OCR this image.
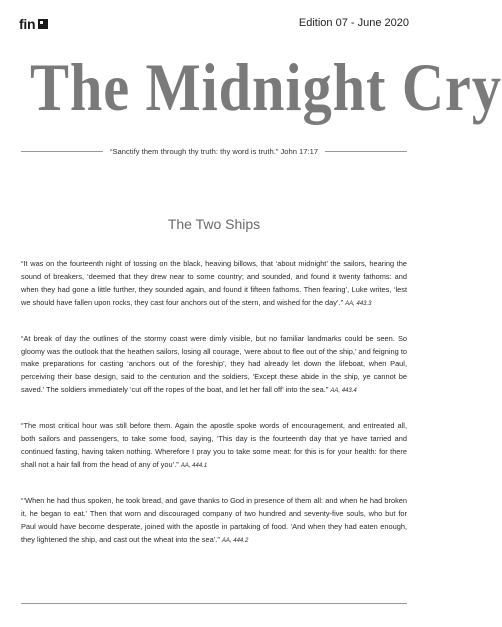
fin	Edition 07 - June 2020
The Midnight Cry
“Sanctify them through thy truth: thy word is truth.” John 17:17
The Two Ships

“It was on the fourteenth night of tossing on the black, heaving billows, that ‘about midnight’ the sailors, hearing the sound of breakers, ‘deemed that they drew near to some country; and sounded, and found it twenty fathoms: and when they had gone a little further, they sounded again, and found it fifteen fathoms. Then fearing’, Luke writes, ‘lest we should have fallen upon rocks, they cast four anchors out of the stern, and wished for the day’.” AA, 443.3

“At break of day the outlines of the stormy coast were dimly visible, but no familiar landmarks could be seen. So gloomy was the outlook that the heathen sailors, losing all courage, ‘were about to flee out of the ship,’ and feigning to make preparations for casting ‘anchors out of the foreship’, they had already let down the lifeboat, when Paul, perceiving their base design, said to the centurion and the soldiers, ‘Except these abide in the ship, ye cannot be saved.’ The soldiers immediately ‘cut off the ropes of the boat, and let her fall off’ into the sea.” AA, 443.4

“The most critical hour was still before them. Again the apostle spoke words of encouragement, and entreated all, both sailors and passengers, to take some food, saying, ‘This day is the fourteenth day that ye have tarried and continued fasting, having taken nothing. Wherefore I pray you to take some meat: for this is for your health: for there shall not a hair fall from the head of any of you’.” AA, 444.1

“‘When he had thus spoken, he took bread, and gave thanks to God in presence of them all: and when he had broken it, he began to eat.’ Then that worn and discouraged company of two hundred and seventy-five souls, who but for Paul would have become desperate, joined with the apostle in partaking of food. ‘And when they had eaten enough, they lightened the ship, and cast out the wheat into the sea’.” AA, 444.2
